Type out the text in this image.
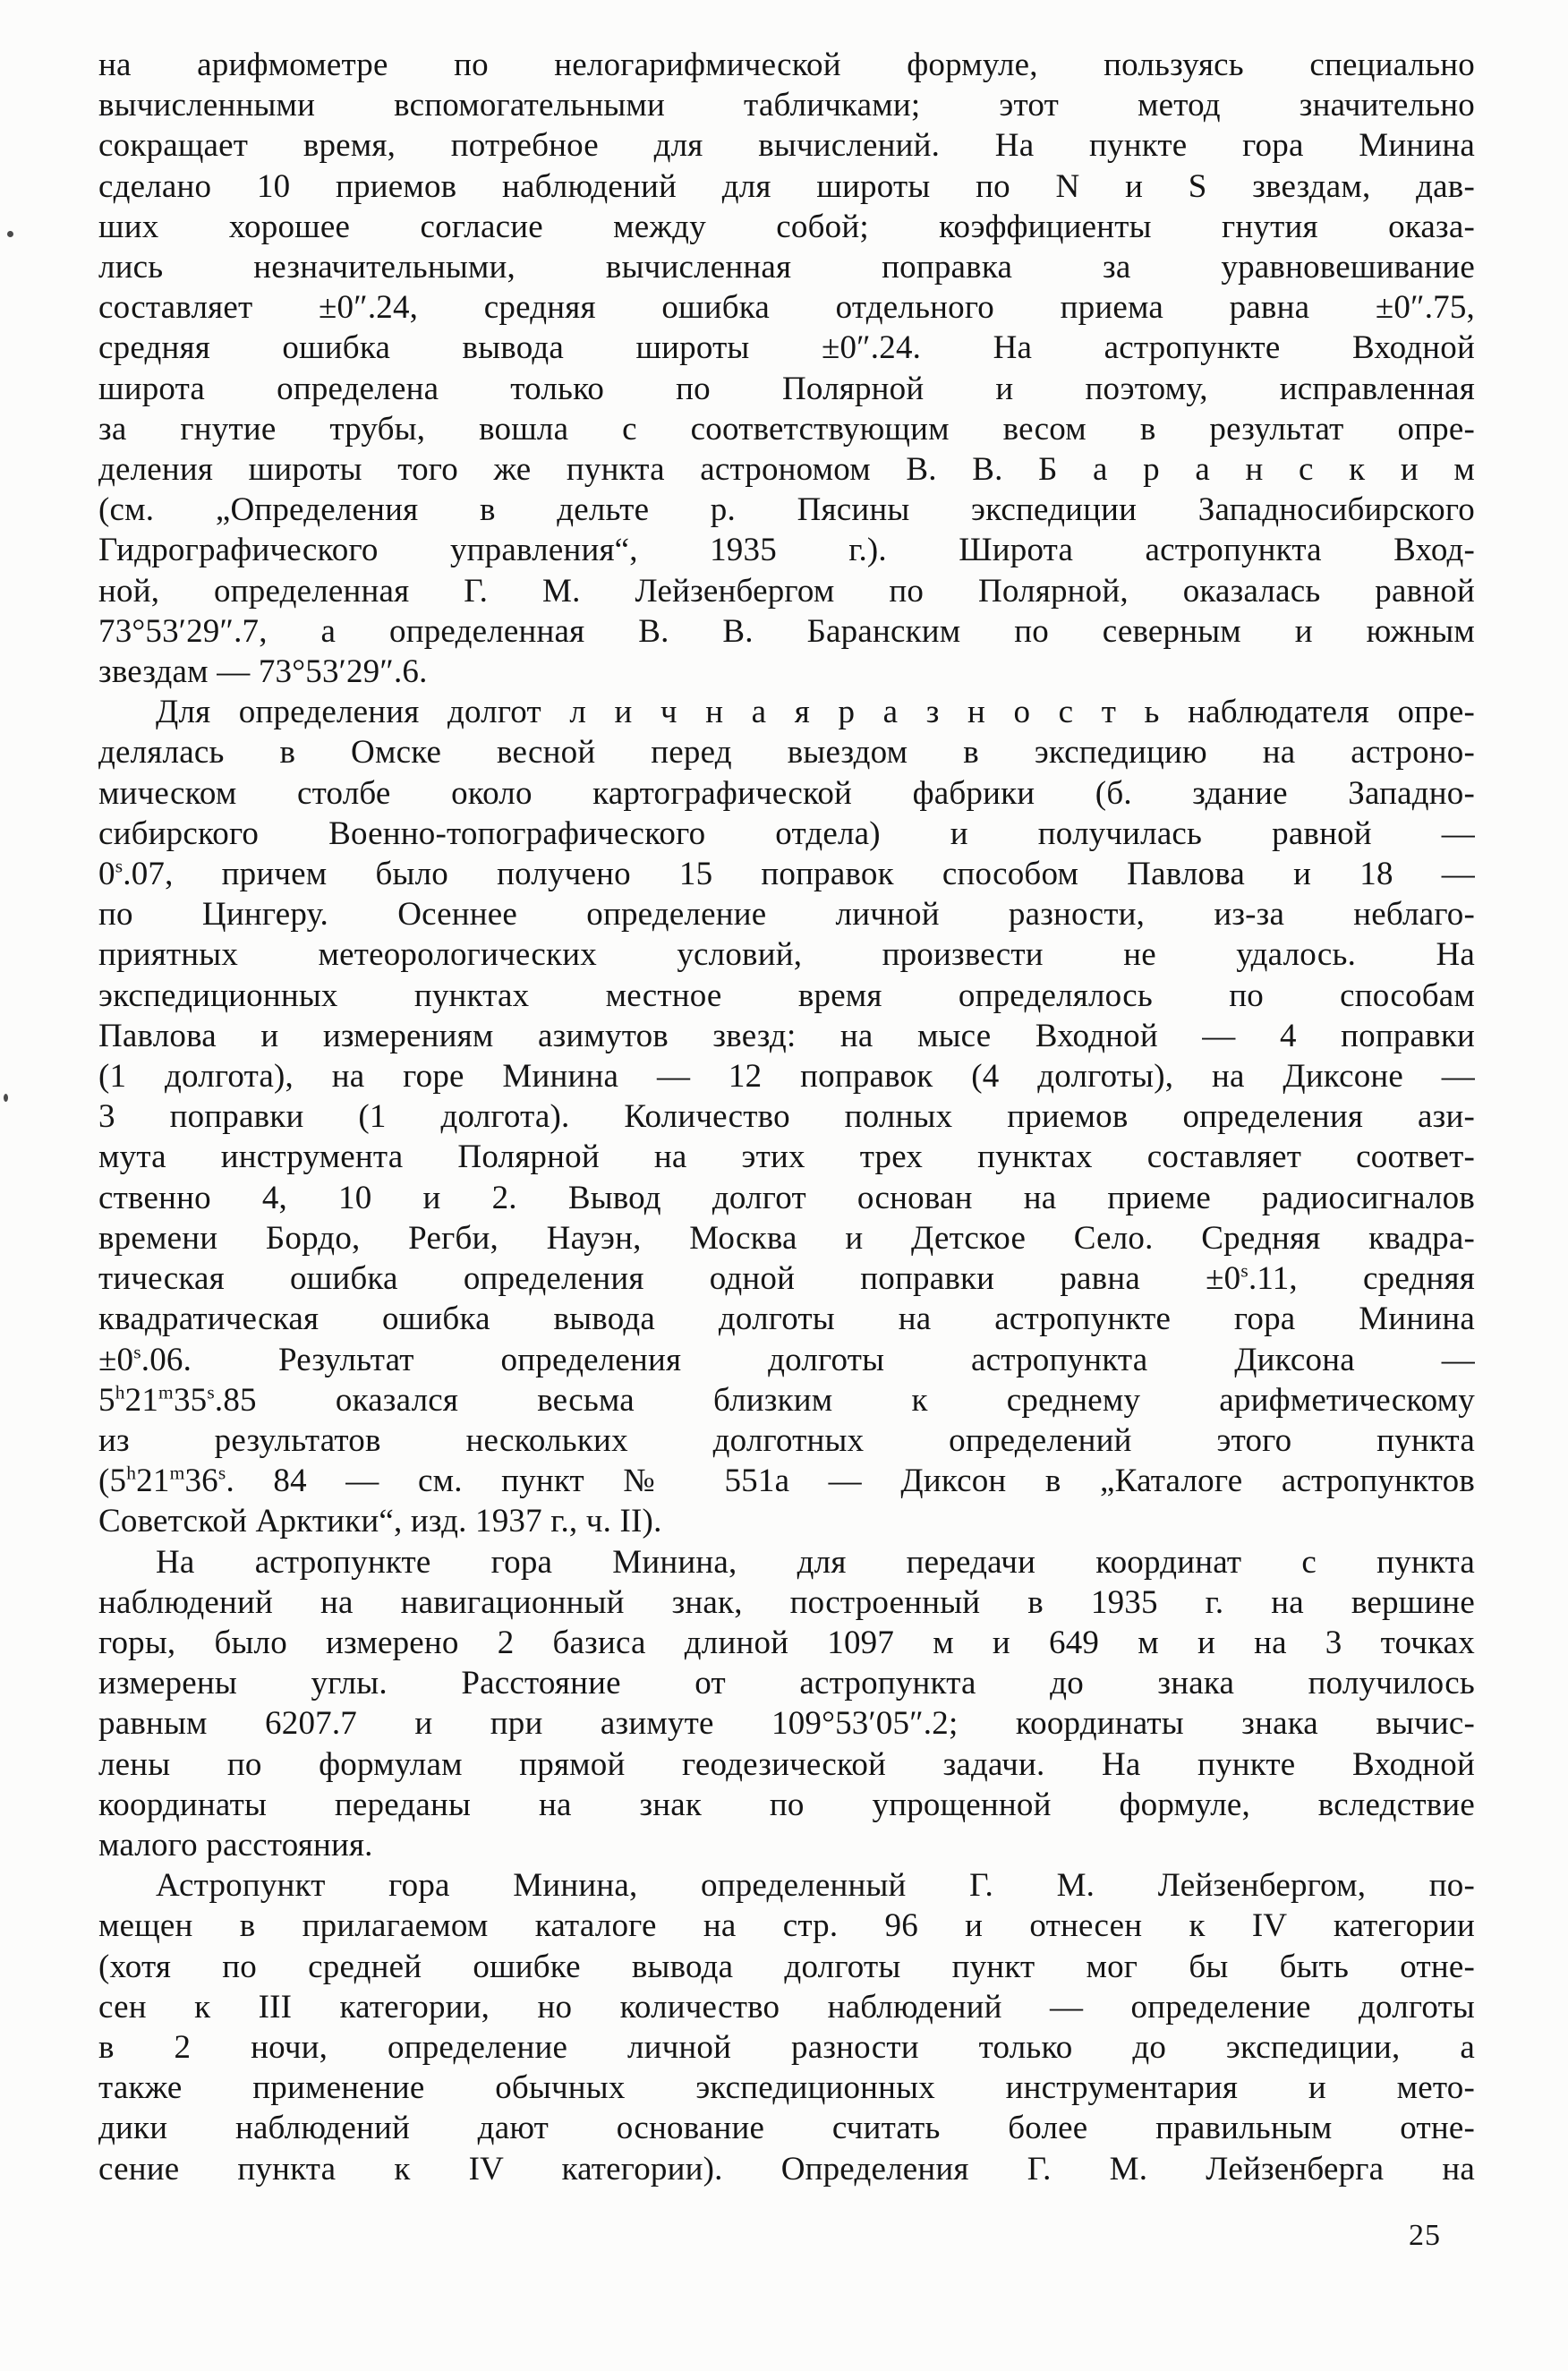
на арифмометре по нелогарифмической формуле, пользуясь специально
вычисленными вспомогательными табличками; этот метод значительно
сокращает время, потребное для вычислений. На пункте гора Минина
сделано 10 приемов наблюдений для широты по N и S звездам, дав-
ших хорошее согласие между собой; коэффициенты гнутия оказа-
лись незначительными, вычисленная поправка за уравновешивание
составляет ±0″.24, средняя ошибка отдельного приема равна ±0″.75,
средняя ошибка вывода широты ±0″.24. На астропункте Входной
широта определена только по Полярной и поэтому, исправленная
за гнутие трубы, вошла с соответствующим весом в результат опре-
деления широты того же пункта астрономом В. В. Б а р а н с к и м
(см. „Определения в дельте р. Пясины экспедиции Западносибирского
Гидрографического управления“, 1935 г.). Широта астропункта Вход-
ной, определенная Г. М. Лейзенбергом по Полярной, оказалась равной
73°53′29″.7, а определенная В. В. Баранским по северным и южным
звездам — 73°53′29″.6.
Для определения долгот л и ч н а я р а з н о с т ь наблюдателя опре-
делялась в Омске весной перед выездом в экспедицию на астроно-
мическом столбе около картографической фабрики (б. здание Западно-
сибирского Военно-топографического отдела) и получилась равной —
0$^s$.07, причем было получено 15 поправок способом Павлова и 18 —
по Цингеру. Осеннее определение личной разности, из-за неблаго-
приятных метеорологических условий, произвести не удалось. На
экспедиционных пунктах местное время определялось по способам
Павлова и измерениям азимутов звезд: на мысе Входной — 4 поправки
(1 долгота), на горе Минина — 12 поправок (4 долготы), на Диксоне —
3 поправки (1 долгота). Количество полных приемов определения ази-
мута инструмента Полярной на этих трех пунктах составляет соответ-
ственно 4, 10 и 2. Вывод долгот основан на приеме радиосигналов
времени Бордо, Регби, Науэн, Москва и Детское Село. Средняя квадра-
тическая ошибка определения одной поправки равна $\pm 0^s.11$, средняя
квадратическая ошибка вывода долготы на астропункте гора Минина
$\pm 0^s.06$. Результат определения долготы астропункта Диксона —
5$^h$21$^m$35$^s$.85 оказался весьма близким к среднему арифметическому
из результатов нескольких долготных определений этого пункта
(5$^h$21$^m$36$^s$. 84 — см. пункт № 551а — Диксон в „Каталоге астропунктов
Советской Арктики“, изд. 1937 г., ч. II).
На астропункте гора Минина, для передачи координат с пункта
наблюдений на навигационный знак, построенный в 1935 г. на вершине
горы, было измерено 2 базиса длиной 1097 м и 649 м и на 3 точках
измерены углы. Расстояние от астропункта до знака получилось
равным 6207.7 и при азимуте 109°53′05″.2; координаты знака вычис-
лены по формулам прямой геодезической задачи. На пункте Входной
координаты переданы на знак по упрощенной формуле, вследствие
малого расстояния.
Астропункт гора Минина, определенный Г. М. Лейзенбергом, по-
мещен в прилагаемом каталоге на стр. 96 и отнесен к IV категории
(хотя по средней ошибке вывода долготы пункт мог бы быть отне-
сен к III категории, но количество наблюдений — определение долготы
в 2 ночи, определение личной разности только до экспедиции, а
также применение обычных экспедиционных инструментария и мето-
дики наблюдений дают основание считать более правильным отне-
сение пункта к IV категории). Определения Г. М. Лейзенберга на
25
